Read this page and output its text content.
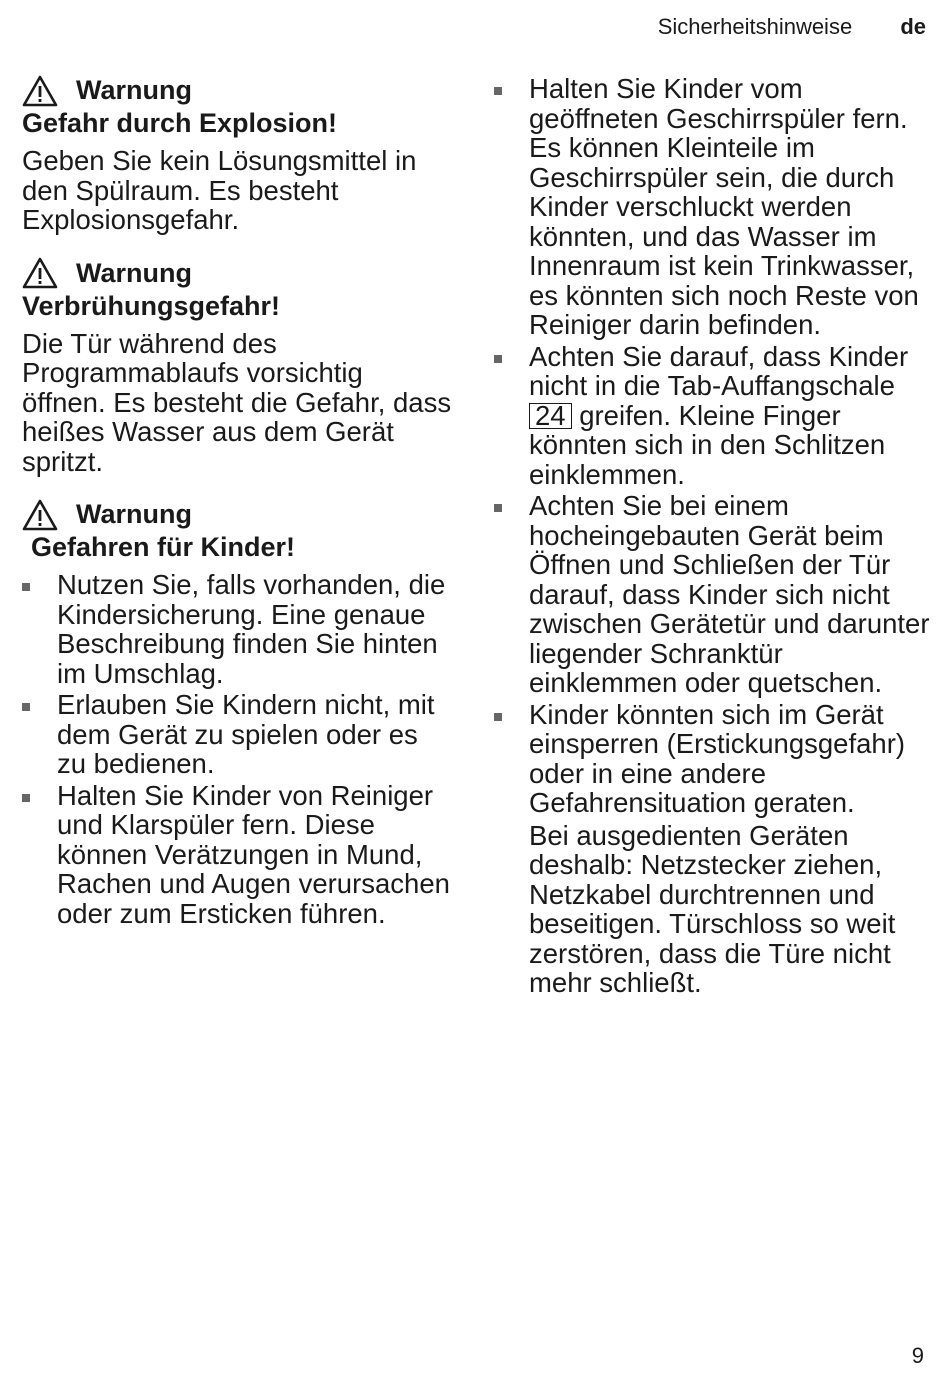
Sicherheitshinweise de
Warnung
Gefahr durch Explosion!
Geben Sie kein Lösungsmittel in den Spülraum. Es besteht Explosionsgefahr.
Warnung
Verbrühungsgefahr!
Die Tür während des Programmablaufs vorsichtig öffnen. Es besteht die Gefahr, dass heißes Wasser aus dem Gerät spritzt.
Warnung
Gefahren für Kinder!
Nutzen Sie, falls vorhanden, die Kindersicherung. Eine genaue Beschreibung finden Sie hinten im Umschlag.
Erlauben Sie Kindern nicht, mit dem Gerät zu spielen oder es zu bedienen.
Halten Sie Kinder von Reiniger und Klarspüler fern. Diese können Verätzungen in Mund, Rachen und Augen verursachen oder zum Ersticken führen.
Halten Sie Kinder vom geöffneten Geschirrspüler fern. Es können Kleinteile im Geschirrspüler sein, die durch Kinder verschluckt werden könnten, und das Wasser im Innenraum ist kein Trinkwasser, es könnten sich noch Reste von Reiniger darin befinden.
Achten Sie darauf, dass Kinder nicht in die Tab-Auffangschale 24 greifen. Kleine Finger könnten sich in den Schlitzen einklemmen.
Achten Sie bei einem hocheingebauten Gerät beim Öffnen und Schließen der Tür darauf, dass Kinder sich nicht zwischen Gerätetür und darunter liegender Schranktür einklemmen oder quetschen.
Kinder könnten sich im Gerät einsperren (Erstickungsgefahr) oder in eine andere Gefahrensituation geraten.
Bei ausgedienten Geräten deshalb: Netzstecker ziehen, Netzkabel durchtrennen und beseitigen. Türschloss so weit zerstören, dass die Türe nicht mehr schließt.
9
